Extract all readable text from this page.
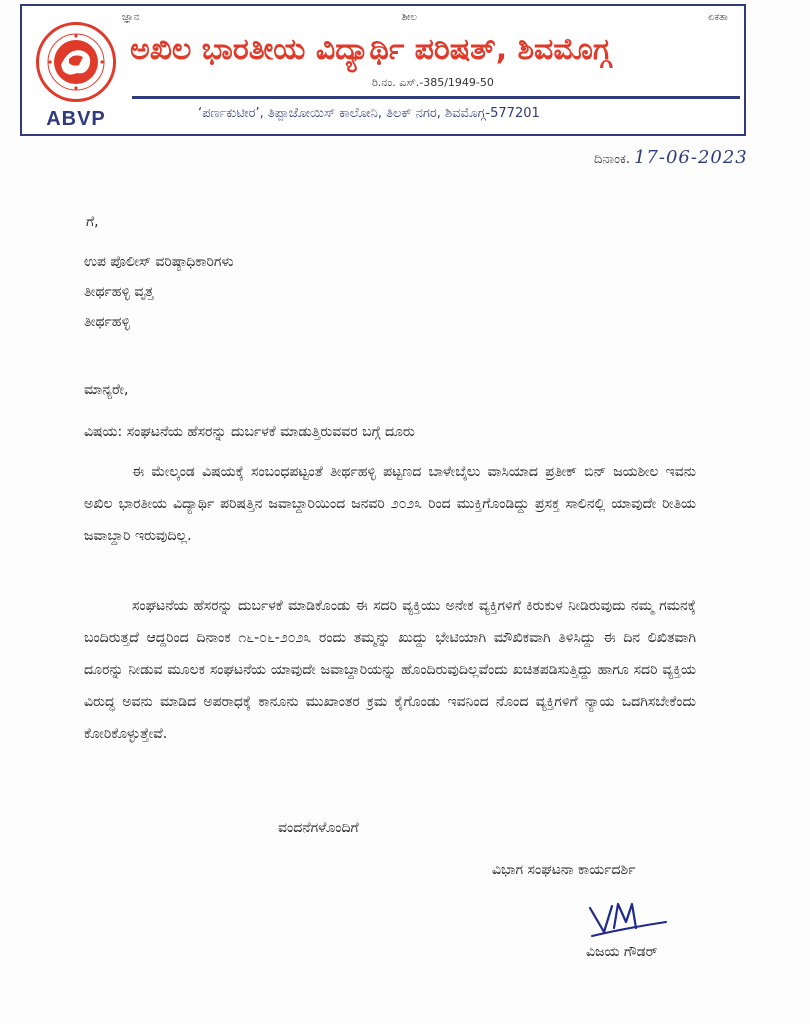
ABVP
ಜ್ಞಾನ	ಶೀಲ	ಏಕತಾ
ಅಖಿಲ ಭಾರತೀಯ ವಿದ್ಯಾರ್ಥಿ ಪರಿಷತ್, ಶಿವಮೊಗ್ಗ
ರಿ.ನಂ. ಎಸ್.-385/1949-50
‘ಪರ್ಣಕುಟೀರ’, ತಿಪ್ಪಾಜೋಯಿಸ್ ಕಾಲೋನಿ, ತಿಲಕ್ ನಗರ, ಶಿವಮೊಗ್ಗ-577201
ದಿನಾಂಕ. 17-06-2023
ಗೆ,
ಉಪ ಪೊಲೀಸ್ ವರಿಷ್ಠಾಧಿಕಾರಿಗಳು
ತೀರ್ಥಹಳ್ಳಿ ವೃತ್ತ
ತೀರ್ಥಹಳ್ಳಿ
ಮಾನ್ಯರೇ,
ವಿಷಯ: ಸಂಘಟನೆಯ ಹೆಸರನ್ನು ದುರ್ಬಳಕೆ ಮಾಡುತ್ತಿರುವವರ ಬಗ್ಗೆ ದೂರು
ಈ ಮೇಲ್ಕಂಡ ವಿಷಯಕ್ಕೆ ಸಂಬಂಧಪಟ್ಟಂತೆ ತೀರ್ಥಹಳ್ಳಿ ಪಟ್ಟಣದ ಬಾಳೇಬೈಲು ವಾಸಿಯಾದ ಪ್ರತೀಕ್ ಬಿನ್ ಜಯಶೀಲ ಇವನು ಅಖಿಲ ಭಾರತೀಯ ವಿದ್ಯಾರ್ಥಿ ಪರಿಷತ್ತಿನ ಜವಾಬ್ದಾರಿಯಿಂದ ಜನವರಿ ೨೦೨೩ ರಿಂದ ಮುಕ್ತಿಗೊಂಡಿದ್ದು ಪ್ರಸಕ್ತ ಸಾಲಿನಲ್ಲಿ ಯಾವುದೇ ರೀತಿಯ ಜವಾಬ್ದಾರಿ ಇರುವುದಿಲ್ಲ.
ಸಂಘಟನೆಯ ಹೆಸರನ್ನು ದುರ್ಬಳಕೆ ಮಾಡಿಕೊಂಡು ಈ ಸದರಿ ವ್ಯಕ್ತಿಯು ಅನೇಕ ವ್ಯಕ್ತಿಗಳಿಗೆ ಕಿರುಕುಳ ನೀಡಿರುವುದು ನಮ್ಮ ಗಮನಕ್ಕೆ ಬಂದಿರುತ್ತದೆ ಆದ್ದರಿಂದ ದಿನಾಂಕ ೧೬-೦೬-೨೦೨೩ ರಂದು ತಮ್ಮನ್ನು ಖುದ್ದು ಭೇಟಿಯಾಗಿ ಮೌಖಿಕವಾಗಿ ತಿಳಿಸಿದ್ದು ಈ ದಿನ ಲಿಖಿತವಾಗಿ ದೂರನ್ನು ನೀಡುವ ಮೂಲಕ ಸಂಘಟನೆಯ ಯಾವುದೇ ಜವಾಬ್ದಾರಿಯನ್ನು ಹೊಂದಿರುವುದಿಲ್ಲವೆಂದು ಖಚಿತಪಡಿಸುತ್ತಿದ್ದು ಹಾಗೂ ಸದರಿ ವ್ಯಕ್ತಿಯ ವಿರುದ್ಧ ಅವನು ಮಾಡಿದ ಅಪರಾಧಕ್ಕೆ ಕಾನೂನು ಮುಖಾಂತರ ಕ್ರಮ ಕೈಗೊಂಡು ಇವನಿಂದ ನೊಂದ ವ್ಯಕ್ತಿಗಳಿಗೆ ನ್ಯಾಯ ಒದಗಿಸಬೇಕೆಂದು ಕೋರಿಕೊಳ್ಳುತ್ತೇವೆ.
ವಂದನೆಗಳೊಂದಿಗೆ
ವಿಭಾಗ ಸಂಘಟನಾ ಕಾರ್ಯದರ್ಶಿ
ವಿಜಯ ಗೌಡರ್
